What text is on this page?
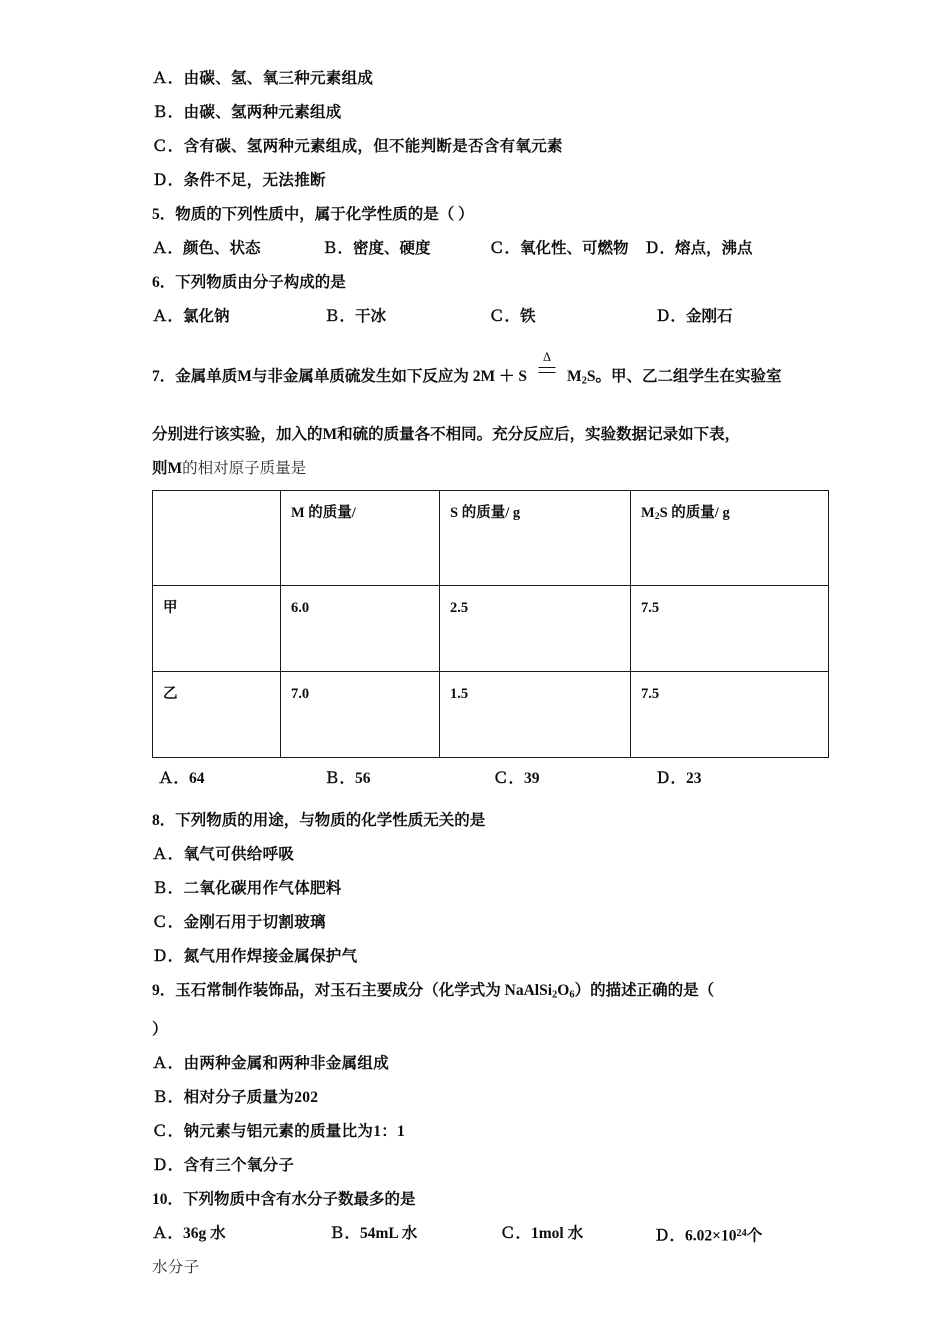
Ａ．由碳、氢、氧三种元素组成
Ｂ．由碳、氢两种元素组成
Ｃ．含有碳、氢两种元素组成，但不能判断是否含有氧元素
Ｄ．条件不足，无法推断
5．物质的下列性质中，属于化学性质的是（ ）
Ａ．颜色、状态	Ｂ．密度、硬度	Ｃ．氧化性、可燃物 Ｄ．熔点，沸点
6．下列物质由分子构成的是
Ａ．氯化钠	Ｂ．干冰	Ｃ．铁	Ｄ．金刚石
7．金属单质M与非金属单质硫发生如下反应为 2M ＋ S
Δ
$M_2S$。甲、乙二组学生在实验室
分别进行该实验，加入的M和硫的质量各不相同。充分反应后，实验数据记录如下表，
则M的相对原子质量是
	M 的质量/	S 的质量/ g	$M_2S$ 的质量/ g
甲	6.0	2.5	7.5
乙	7.0	1.5	7.5
Ａ．64	Ｂ．56	Ｃ．39	Ｄ．23
8．下列物质的用途，与物质的化学性质无关的是
Ａ．氧气可供给呼吸
Ｂ．二氧化碳用作气体肥料
Ｃ．金刚石用于切割玻璃
Ｄ．氮气用作焊接金属保护气
9．玉石常制作装饰品，对玉石主要成分（化学式为 $NaAlSi_2O_6$）的描述正确的是（
）
Ａ．由两种金属和两种非金属组成
Ｂ．相对分子质量为202
Ｃ．钠元素与铝元素的质量比为1：1
Ｄ．含有三个氧分子
10．下列物质中含有水分子数最多的是
Ａ．36g 水	Ｂ．54mL 水	Ｃ．1mol 水	Ｄ．$6.02\times 10^{24}$个
水分子
